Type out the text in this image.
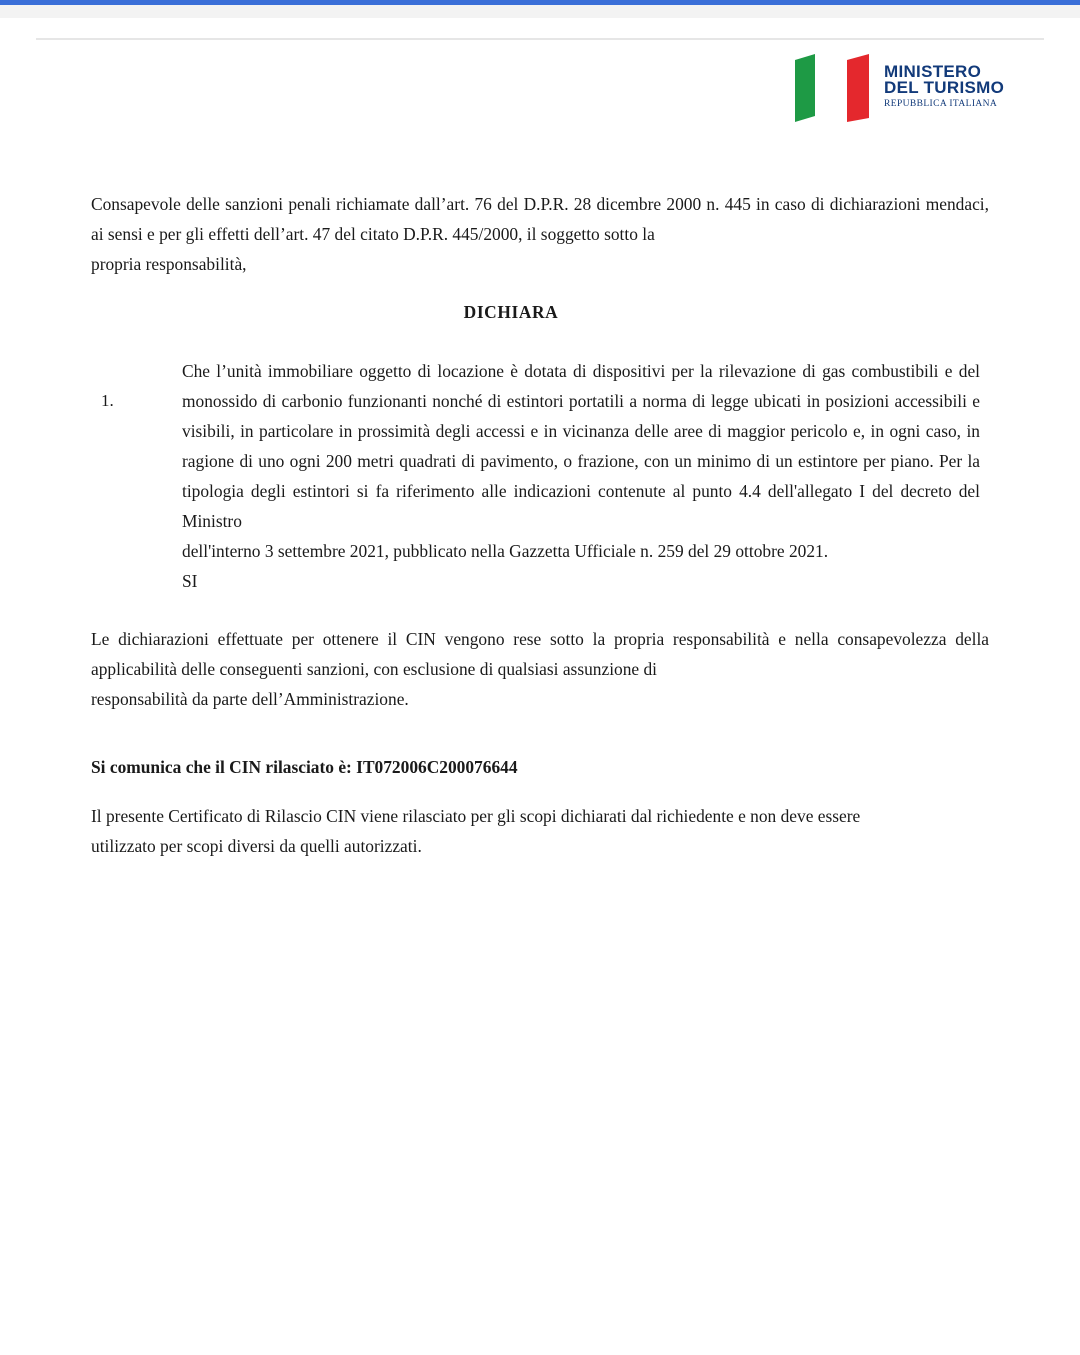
MINISTERO
DEL TURISMO
REPUBBLICA ITALIANA
Consapevole delle sanzioni penali richiamate dall’art. 76 del D.P.R. 28 dicembre 2000 n. 445 in caso di dichiarazioni mendaci, ai sensi e per gli effetti dell’art. 47 del citato D.P.R. 445/2000, il soggetto sotto la
propria responsabilità,
DICHIARA
1.
Che l’unità immobiliare oggetto di locazione è dotata di dispositivi per la rilevazione di gas combustibili e del monossido di carbonio funzionanti nonché di estintori portatili a norma di legge ubicati in posizioni accessibili e visibili, in particolare in prossimità degli accessi e in vicinanza delle aree di maggior pericolo e, in ogni caso, in ragione di uno ogni 200 metri quadrati di pavimento, o frazione, con un minimo di un estintore per piano. Per la tipologia degli estintori si fa riferimento alle indicazioni contenute al punto 4.4 dell'allegato I del decreto del Ministro
dell'interno 3 settembre 2021, pubblicato nella Gazzetta Ufficiale n. 259 del 29 ottobre 2021.
SI
Le dichiarazioni effettuate per ottenere il CIN vengono rese sotto la propria responsabilità e nella consapevolezza della applicabilità delle conseguenti sanzioni, con esclusione di qualsiasi assunzione di
responsabilità da parte dell’Amministrazione.
Si comunica che il CIN rilasciato è: IT072006C200076644
Il presente Certificato di Rilascio CIN viene rilasciato per gli scopi dichiarati dal richiedente e non deve essere
utilizzato per scopi diversi da quelli autorizzati.
